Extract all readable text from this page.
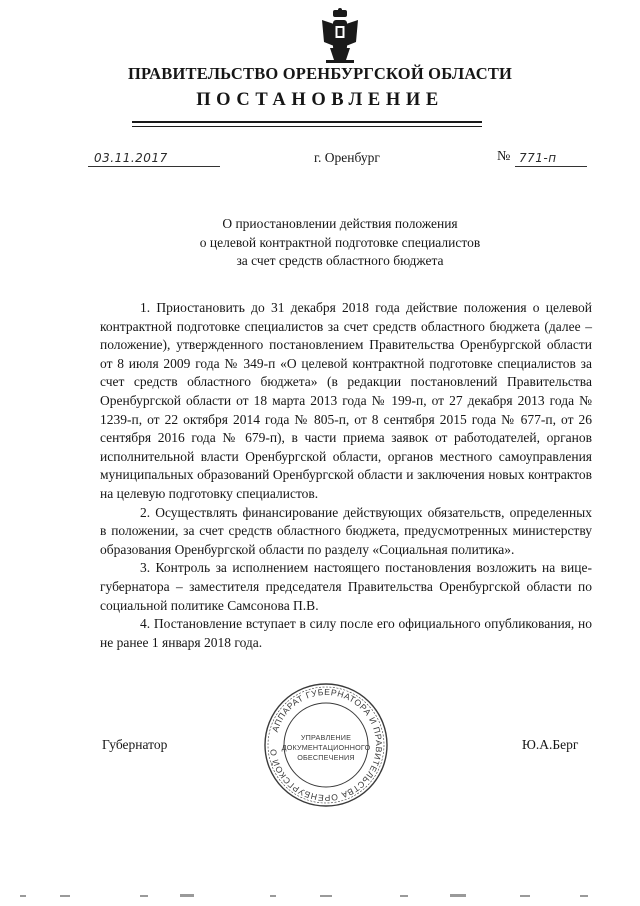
ПРАВИТЕЛЬСТВО ОРЕНБУРГСКОЙ ОБЛАСТИ
ПОСТАНОВЛЕНИЕ
03.11.2017	г. Оренбург	№ 771-п
О приостановлении действия положения
о целевой контрактной подготовке специалистов
за счет средств областного бюджета

1. Приостановить до 31 декабря 2018 года действие положения о целевой контрактной подготовке специалистов за счет средств областного бюджета (далее – положение), утвержденного постановлением Правительства Оренбургской области от 8 июля 2009 года № 349-п «О целевой контрактной подготовке специалистов за счет средств областного бюджета» (в редакции постановлений Правительства Оренбургской области от 18 марта 2013 года № 199-п, от 27 декабря 2013 года № 1239-п, от 22 октября 2014 года № 805-п, от 8 сентября 2015 года № 677-п, от 26 сентября 2016 года № 679-п), в части приема заявок от работодателей, органов исполнительной власти Оренбургской области, органов местного самоуправления муниципальных образований Оренбургской области и заключения новых контрактов на целевую подготовку специалистов.

2. Осуществлять финансирование действующих обязательств, определенных в положении, за счет средств областного бюджета, предусмотренных министерству образования Оренбургской области по разделу «Социальная политика».

3. Контроль за исполнением настоящего постановления возложить на вице-губернатора – заместителя председателя Правительства Оренбургской области по социальной политике Самсонова П.В.

4. Постановление вступает в силу после его официального опубликования, но не ранее 1 января 2018 года.

Губернатор	Ю.А.Берг
АППАРАТ ГУБЕРНАТОРА И ПРАВИТЕЛЬСТВА ОРЕНБУРГСКОЙ О
УПРАВЛЕНИЕ
ДОКУМЕНТАЦИОННОГО
ОБЕСПЕЧЕНИЯ
